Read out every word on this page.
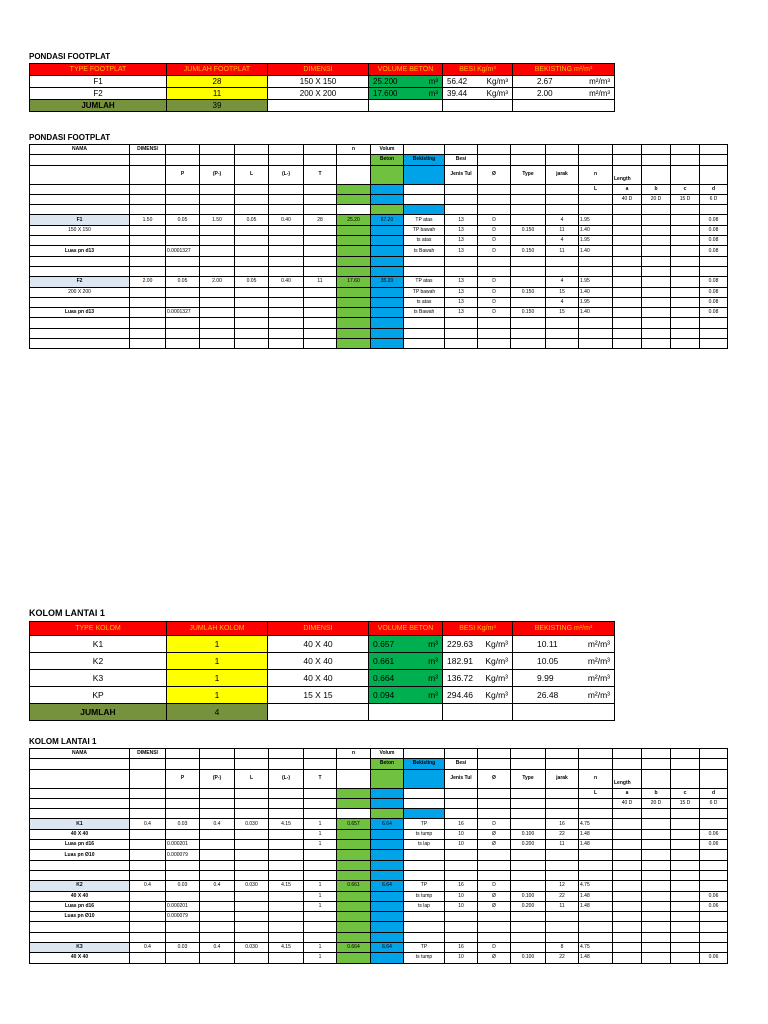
PONDASI FOOTPLAT
TYPE FOOTPLAT	JUMLAH FOOTPLAT	DIMENSI	VOLUME BETON	BESI Kg/m³	BEKISTING m²/m³
F1	28	150 X 150	25.200 m³	56.42 Kg/m³	2.67 m²/m³

F2	11	200 X 200	17.600 m³	39.44 Kg/m³	2.00 m²/m³

JUMLAH	39				
PONDASI FOOTPLAT
NAMA	DIMENSI						n	Volum										
								Beton	Bekisting	Besi								
		P	(P-)	L	(L-)	T				Jenis Tul	Ø	Type	jarak	n	Length			
														L	a	b	c	d
															40 D	20 D	15 D	6 D

F1	1.50	0.05	1.50	0.05	0.40	28	25.20	67.20	TP atas	13	D		4	1.95				0.08
150 X 150									TP bawah	13	D	0.150	11	1.40				0.08
									ts atas	13	D		4	1.95				0.08
Luas pn d13		0.0001327							ts Bawah	13	D	0.150	11	1.40				0.08

F2	2.00	0.05	2.00	0.05	0.40	11	17.60	35.20	TP atas	13	D		4	1.95				0.08
200 X 200									TP bawah	13	D	0.150	15	1.40				0.08
									ts atas	13	D		4	1.95				0.08
Luas pn d13		0.0001327							ts Bawah	13	D	0.150	15	1.40				0.08

KOLOM LANTAI 1
TYPE KOLOM	JUMLAH KOLOM	DIMENSI	VOLUME BETON	BESI Kg/m³	BEKISTING m²/m³
K1	1	40 X 40	0.657 m³	229.63 Kg/m³	10.11 m²/m³

K2	1	40 X 40	0.661 m³	182.91 Kg/m³	10.05 m²/m³

K3	1	40 X 40	0.664 m³	136.72 Kg/m³	9.99 m²/m³

KP	1	15 X 15	0.094 m³	294.46 Kg/m³	26.48 m²/m³

JUMLAH	4				
KOLOM LANTAI 1
NAMA	DIMENSI						n	Volum										
								Beton	Bekisting	Besi								
		P	(P-)	L	(L-)	T				Jenis Tul	Ø	Type	jarak	n	Length			
														L	a	b	c	d
															40 D	20 D	15 D	6 D

K1	0.4	0.03	0.4	0.030	4.15	1	0.657	6.64	TP	16	D		16	4.75				
40 X 40						1			ts tump	10	Ø	0.100	22	1.48				0.06
Luas pn d16		0.000201				1			ts lap	10	Ø	0.200	11	1.48				0.06
Luas pn Ø10		0.000079																

K2	0.4	0.03	0.4	0.030	4.15	1	0.661	6.64	TP	16	D		12	4.75				
40 X 40						1			ts tump	10	Ø	0.100	22	1.48				0.06
Luas pn d16		0.000201				1			ts lap	10	Ø	0.200	11	1.48				0.06
Luas pn Ø10		0.000079																

K3	0.4	0.03	0.4	0.030	4.15	1	0.664	6.64	TP	16	D		8	4.75				
40 X 40						1			ts tump	10	Ø	0.100	22	1.48				0.06
